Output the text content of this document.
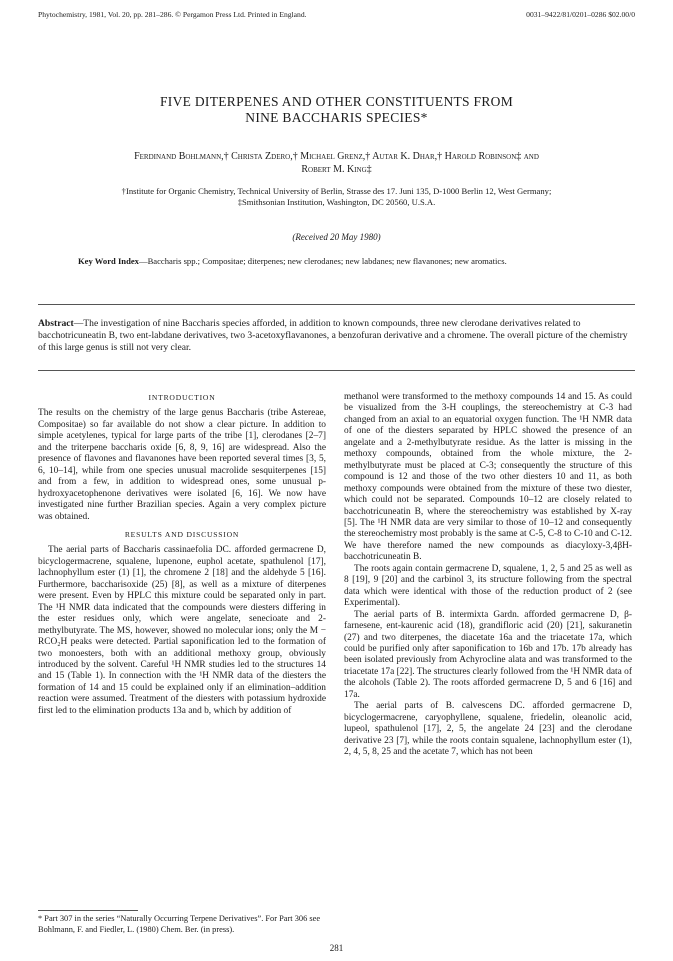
Phytochemistry, 1981, Vol. 20, pp. 281–286. © Pergamon Press Ltd. Printed in England.	0031–9422/81/0201–0286 $02.00/0
FIVE DITERPENES AND OTHER CONSTITUENTS FROM
NINE BACCHARIS SPECIES*
Ferdinand Bohlmann,† Christa Zdero,† Michael Grenz,† Autar K. Dhar,† Harold Robinson‡ and
Robert M. King‡
†Institute for Organic Chemistry, Technical University of Berlin, Strasse des 17. Juni 135, D-1000 Berlin 12, West Germany;
‡Smithsonian Institution, Washington, DC 20560, U.S.A.
(Received 20 May 1980)
Key Word Index—Baccharis spp.; Compositae; diterpenes; new clerodanes; new labdanes; new flavanones; new aromatics.
Abstract—The investigation of nine Baccharis species afforded, in addition to known compounds, three new clerodane derivatives related to bacchotricuneatin B, two ent-labdane derivatives, two 3-acetoxyflavanones, a benzofuran derivative and a chromene. The overall picture of the chemistry of this large genus is still not very clear.

INTRODUCTION

The results on the chemistry of the large genus Baccharis (tribe Astereae, Compositae) so far available do not show a clear picture. In addition to simple acetylenes, typical for large parts of the tribe [1], clerodanes [2–7] and the triterpene baccharis oxide [6, 8, 9, 16] are widespread. Also the presence of flavones and flavanones have been reported several times [3, 5, 6, 10–14], while from one species unusual macrolide sesquiterpenes [15] and from a few, in addition to widespread ones, some unusual p-hydroxyacetophenone derivatives were isolated [6, 16]. We now have investigated nine further Brazilian species. Again a very complex picture was obtained.

RESULTS AND DISCUSSION

The aerial parts of Baccharis cassinaefolia DC. afforded germacrene D, bicyclogermacrene, squalene, lupenone, euphol acetate, spathulenol [17], lachnophyllum ester (1) [1], the chromene 2 [18] and the aldehyde 5 [16]. Furthermore, baccharisoxide (25) [8], as well as a mixture of diterpenes were present. Even by HPLC this mixture could be separated only in part. The ¹H NMR data indicated that the compounds were diesters differing in the ester residues only, which were angelate, senecioate and 2-methylbutyrate. The MS, however, showed no molecular ions; only the M − RCO₂H peaks were detected. Partial saponification led to the formation of two monoesters, both with an additional methoxy group, obviously introduced by the solvent. Careful ¹H NMR studies led to the structures 14 and 15 (Table 1). In connection with the ¹H NMR data of the diesters the formation of 14 and 15 could be explained only if an elimination–addition reaction were assumed. Treatment of the diesters with potassium hydroxide first led to the elimination products 13a and b, which by addition of

methanol were transformed to the methoxy compounds 14 and 15. As could be visualized from the 3-H couplings, the stereochemistry at C-3 had changed from an axial to an equatorial oxygen function. The ¹H NMR data of one of the diesters separated by HPLC showed the presence of an angelate and a 2-methylbutyrate residue. As the latter is missing in the methoxy compounds, obtained from the whole mixture, the 2-methylbutyrate must be placed at C-3; consequently the structure of this compound is 12 and those of the two other diesters 10 and 11, as both methoxy compounds were obtained from the mixture of these two diester, which could not be separated. Compounds 10–12 are closely related to bacchotricuneatin B, where the stereochemistry was established by X-ray [5]. The ¹H NMR data are very similar to those of 10–12 and consequently the stereochemistry most probably is the same at C-5, C-8 to C-10 and C-12. We have therefore named the new compounds as diacyloxy-3,4βH-bacchotricuneatin B.

The roots again contain germacrene D, squalene, 1, 2, 5 and 25 as well as 8 [19], 9 [20] and the carbinol 3, its structure following from the spectral data which were identical with those of the reduction product of 2 (see Experimental).

The aerial parts of B. intermixta Gardn. afforded germacrene D, β-farnesene, ent-kaurenic acid (18), grandifloric acid (20) [21], sakuranetin (27) and two diterpenes, the diacetate 16a and the triacetate 17a, which could be purified only after saponification to 16b and 17b. 17b already has been isolated previously from Achyrocline alata and was transformed to the triacetate 17a [22]. The structures clearly followed from the ¹H NMR data of the alcohols (Table 2). The roots afforded germacrene D, 5 and 6 [16] and 17a.

The aerial parts of B. calvescens DC. afforded germacrene D, bicyclogermacrene, caryophyllene, squalene, friedelin, oleanolic acid, lupeol, spathulenol [17], 2, 5, the angelate 24 [23] and the clerodane derivative 23 [7], while the roots contain squalene, lachnophyllum ester (1), 2, 4, 5, 8, 25 and the acetate 7, which has not been

* Part 307 in the series “Naturally Occurring Terpene Derivatives”. For Part 306 see Bohlmann, F. and Fiedler, L. (1980) Chem. Ber. (in press).
281
